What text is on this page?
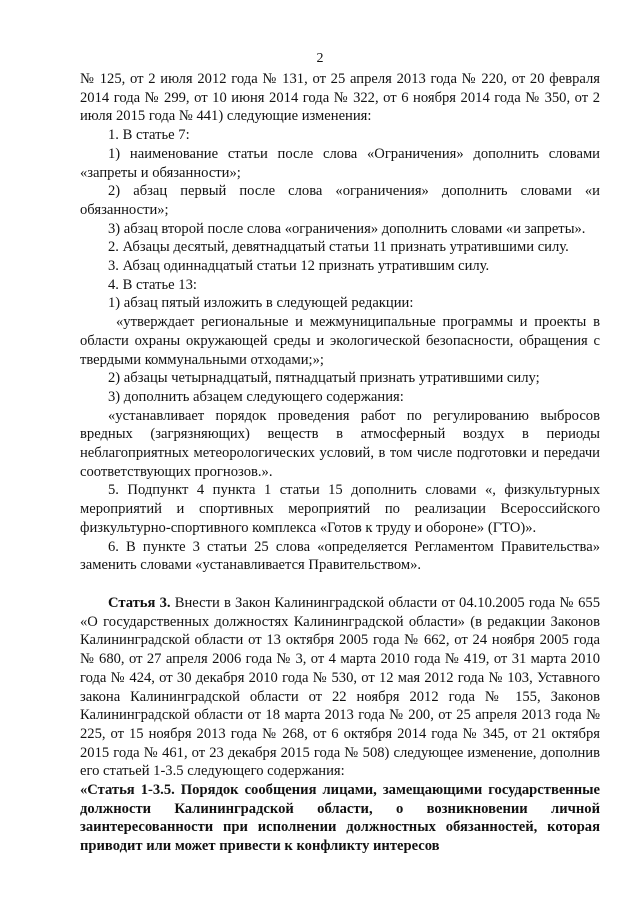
2

№ 125, от 2 июля 2012 года № 131, от 25 апреля 2013 года № 220, от 20 февраля 2014 года № 299, от 10 июня 2014 года № 322, от 6 ноября 2014 года № 350, от 2 июля 2015 года № 441) следующие изменения:

1. В статье 7:

1) наименование статьи после слова «Ограничения» дополнить словами «запреты и обязанности»;

2) абзац первый после слова «ограничения» дополнить словами «и обязанности»;

3) абзац второй после слова «ограничения» дополнить словами «и запреты».

2. Абзацы десятый, девятнадцатый статьи 11 признать утратившими силу.

3. Абзац одиннадцатый статьи 12 признать утратившим силу.

4. В статье 13:

1) абзац пятый изложить в следующей редакции:

«утверждает региональные и межмуниципальные программы и проекты в области охраны окружающей среды и экологической безопасности, обращения с твердыми коммунальными отходами;»;

2) абзацы четырнадцатый, пятнадцатый признать утратившими силу;

3) дополнить абзацем следующего содержания:

«устанавливает порядок проведения работ по регулированию выбросов вредных (загрязняющих) веществ в атмосферный воздух в периоды неблагоприятных метеорологических условий, в том числе подготовки и передачи соответствующих прогнозов.».

5. Подпункт 4 пункта 1 статьи 15 дополнить словами «, физкультурных мероприятий и спортивных мероприятий по реализации Всероссийского физкультурно-спортивного комплекса «Готов к труду и обороне» (ГТО)».

6. В пункте 3 статьи 25 слова «определяется Регламентом Правительства» заменить словами «устанавливается Правительством».

Статья 3. Внести в Закон Калининградской области от 04.10.2005 года № 655 «О государственных должностях Калининградской области» (в редакции Законов Калининградской области от 13 октября 2005 года № 662, от 24 ноября 2005 года № 680, от 27 апреля 2006 года № 3, от 4 марта 2010 года № 419, от 31 марта 2010 года № 424, от 30 декабря 2010 года № 530, от 12 мая 2012 года № 103, Уставного закона Калининградской области от 22 ноября 2012 года № 155, Законов Калининградской области от 18 марта 2013 года № 200, от 25 апреля 2013 года № 225, от 15 ноября 2013 года № 268, от 6 октября 2014 года № 345, от 21 октября 2015 года № 461, от 23 декабря 2015 года № 508) следующее изменение, дополнив его статьей 1-3.5 следующего содержания:

«Статья 1-3.5. Порядок сообщения лицами, замещающими государственные должности Калининградской области, о возникновении личной заинтересованности при исполнении должностных обязанностей, которая приводит или может привести к конфликту интересов
